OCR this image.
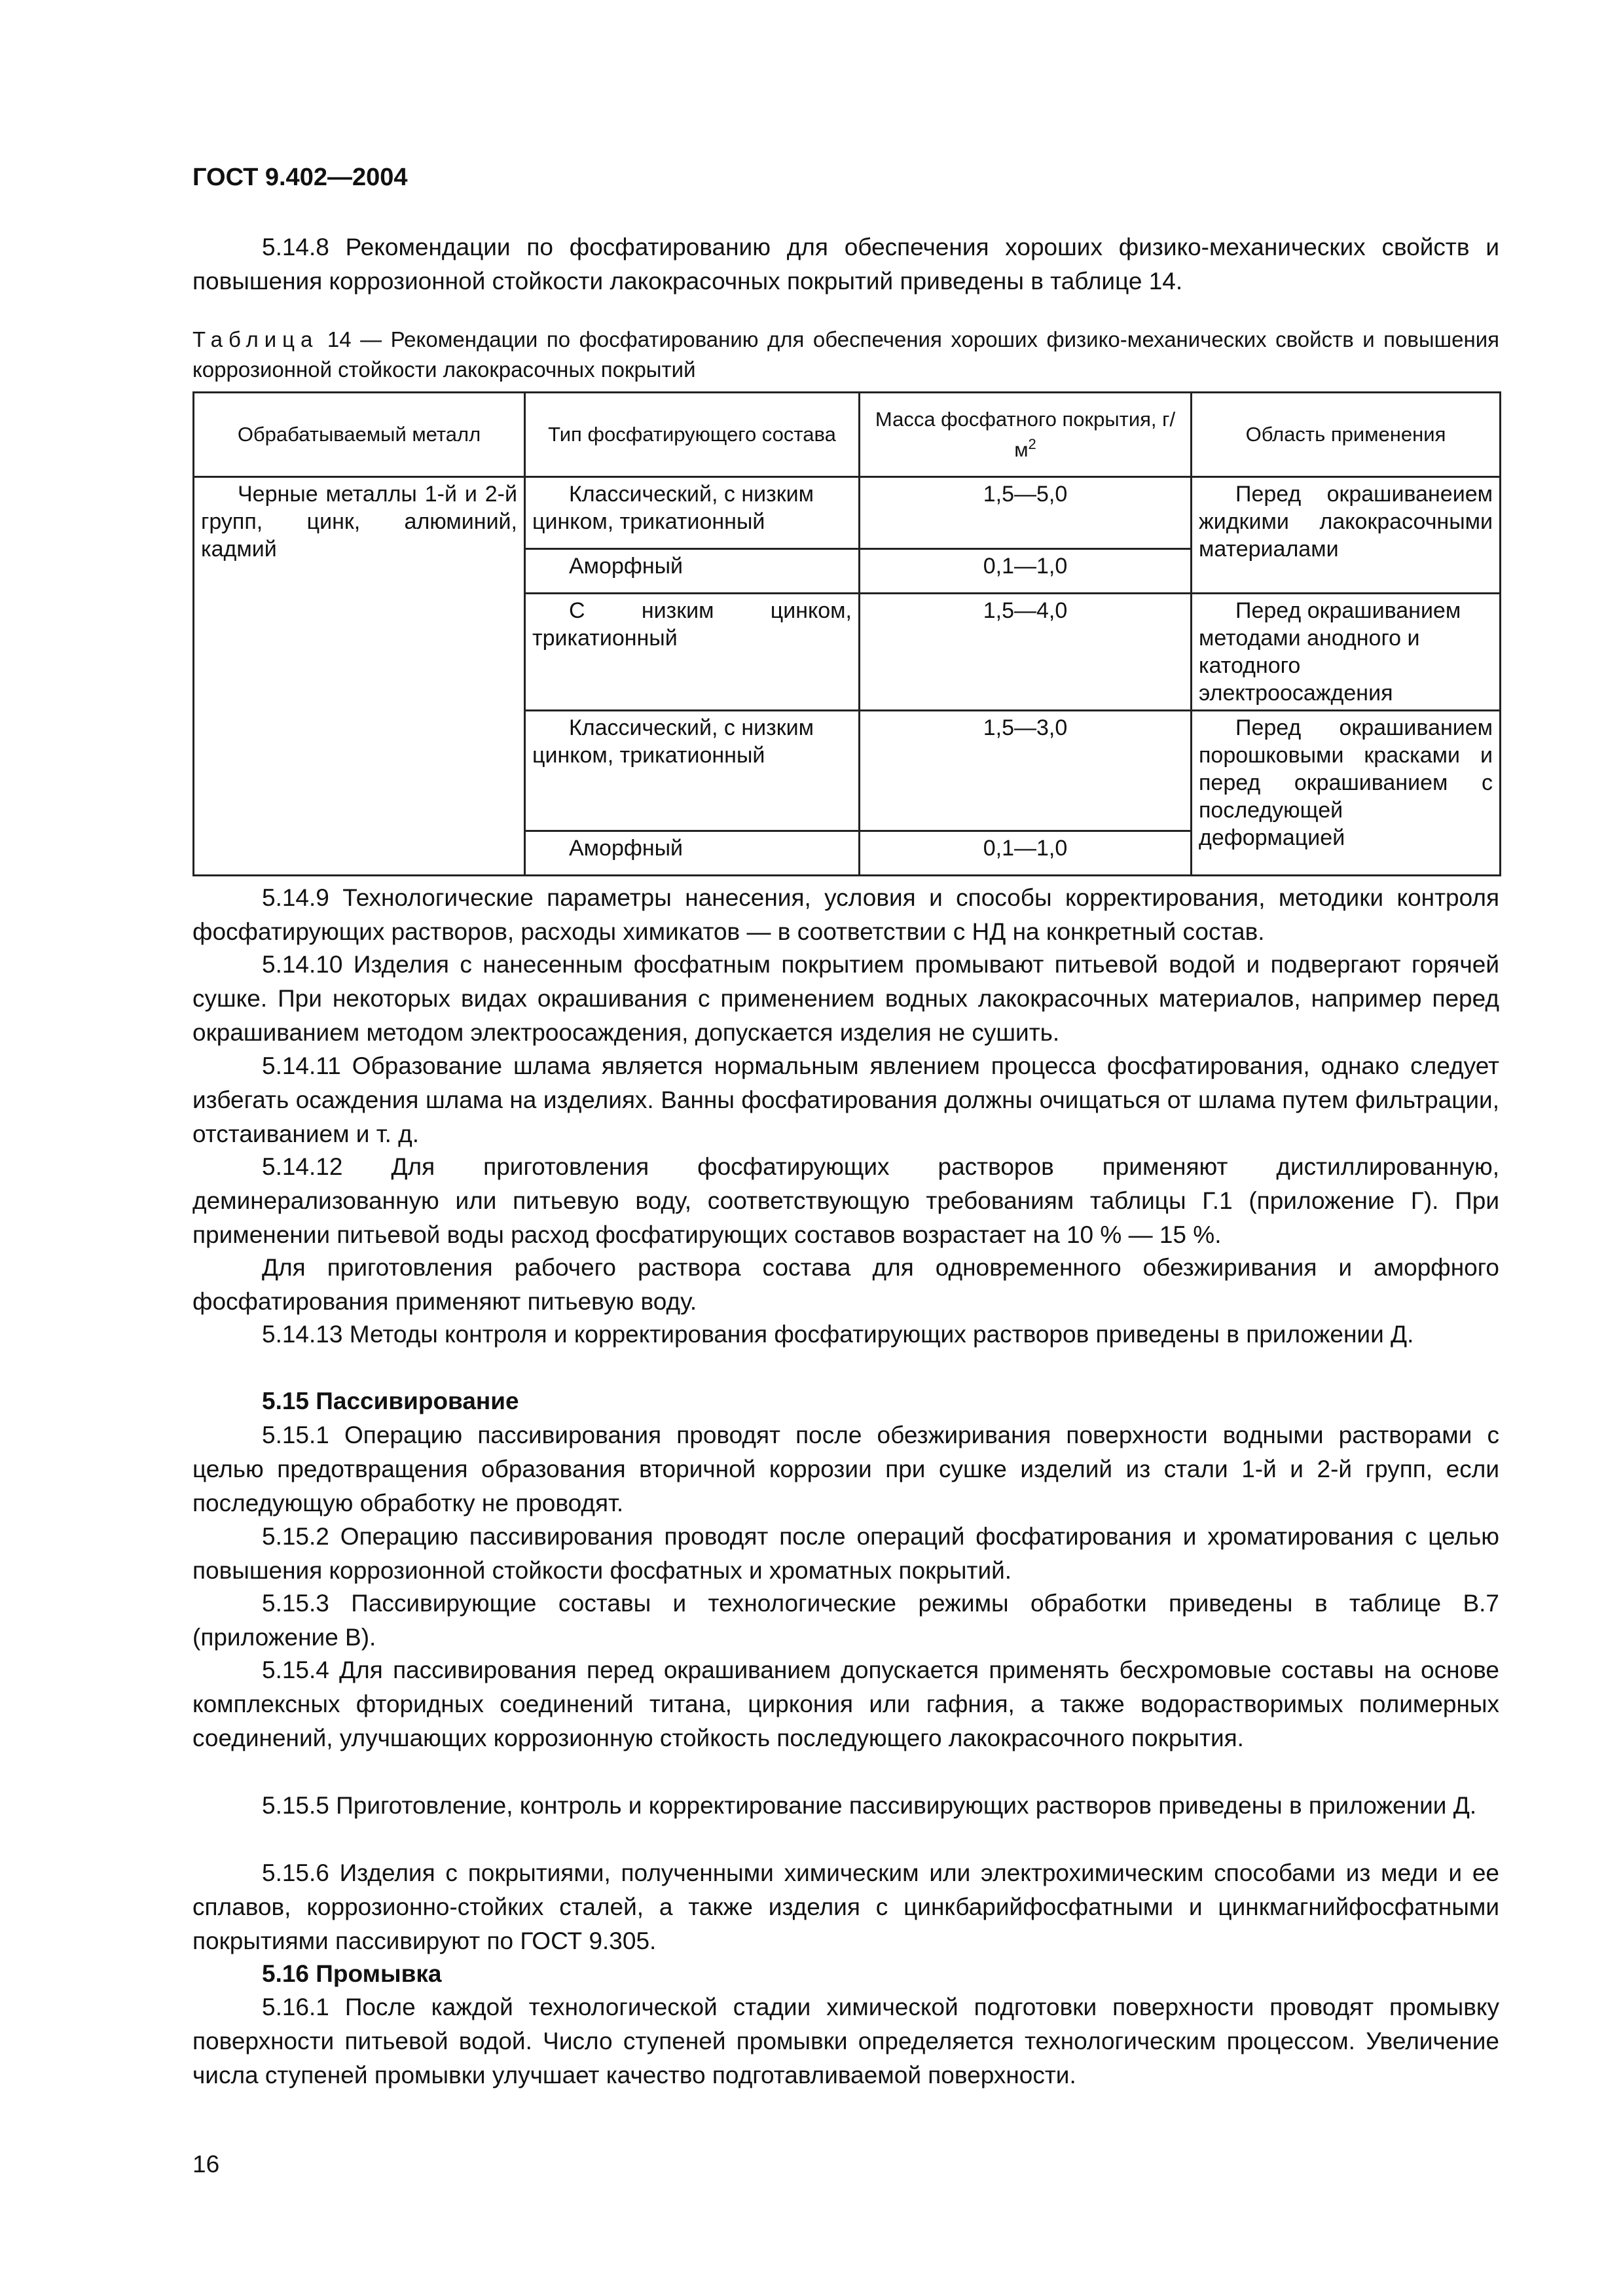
ГОСТ 9.402—2004

5.14.8 Рекомендации по фосфатированию для обеспечения хороших физико-механических свойств и повышения коррозионной стойкости лакокрасочных покрытий приведены в таблице 14.

Таблица 14 — Рекомендации по фосфатированию для обеспечения хороших физико-механических свойств и повышения коррозионной стойкости лакокрасочных покрытий
Обрабатываемый металл	Тип фосфатирующего состава	Масса фосфатного покрытия, $г/м^2$	Область применения
Черные металлы 1-й и 2-й групп, цинк, алюминий, кадмий	Классический, с низким цинком, трикатионный	1,5—5,0	Перед окрашиванеием жидкими лакокрасочными материалами
	Аморфный	0,1—1,0	
	С низким цинком, трикатионный	1,5—4,0	Перед окрашиванием методами анодного и катодного электроосаждения
	Классический, с низким цинком, трикатионный	1,5—3,0	Перед окрашиванием порошковыми красками и перед окрашиванием с последующей деформацией
	Аморфный	0,1—1,0	

5.14.9 Технологические параметры нанесения, условия и способы корректирования, методики контроля фосфатирующих растворов, расходы химикатов — в соответствии с НД на конкретный состав.

5.14.10 Изделия с нанесенным фосфатным покрытием промывают питьевой водой и подвергают горячей сушке. При некоторых видах окрашивания с применением водных лакокрасочных материалов, например перед окрашиванием методом электроосаждения, допускается изделия не сушить.

5.14.11 Образование шлама является нормальным явлением процесса фосфатирования, однако следует избегать осаждения шлама на изделиях. Ванны фосфатирования должны очищаться от шлама путем фильтрации, отстаиванием и т. д.

5.14.12 Для приготовления фосфатирующих растворов применяют дистиллированную, деминерализованную или питьевую воду, соответствующую требованиям таблицы Г.1 (приложение Г). При применении питьевой воды расход фосфатирующих составов возрастает на 10 % — 15 %.

Для приготовления рабочего раствора состава для одновременного обезжиривания и аморфного фосфатирования применяют питьевую воду.

5.14.13 Методы контроля и корректирования фосфатирующих растворов приведены в приложении Д.

5.15 Пассивирование

5.15.1 Операцию пассивирования проводят после обезжиривания поверхности водными растворами с целью предотвращения образования вторичной коррозии при сушке изделий из стали 1-й и 2-й групп, если последующую обработку не проводят.

5.15.2 Операцию пассивирования проводят после операций фосфатирования и хроматирования с целью повышения коррозионной стойкости фосфатных и хроматных покрытий.

5.15.3 Пассивирующие составы и технологические режимы обработки приведены в таблице В.7 (приложение В).

5.15.4 Для пассивирования перед окрашиванием допускается применять бесхромовые составы на основе комплексных фторидных соединений титана, циркония или гафния, а также водорастворимых полимерных соединений, улучшающих коррозионную стойкость последующего лакокрасочного покрытия.

5.15.5 Приготовление, контроль и корректирование пассивирующих растворов приведены в приложении Д.

5.15.6 Изделия с покрытиями, полученными химическим или электрохимическим способами из меди и ее сплавов, коррозионно-стойких сталей, а также изделия с цинкбарийфосфатными и цинкмагнийфосфатными покрытиями пассивируют по ГОСТ 9.305.

5.16 Промывка

5.16.1 После каждой технологической стадии химической подготовки поверхности проводят промывку поверхности питьевой водой. Число ступеней промывки определяется технологическим процессом. Увеличение числа ступеней промывки улучшает качество подготавливаемой поверхности.

16
